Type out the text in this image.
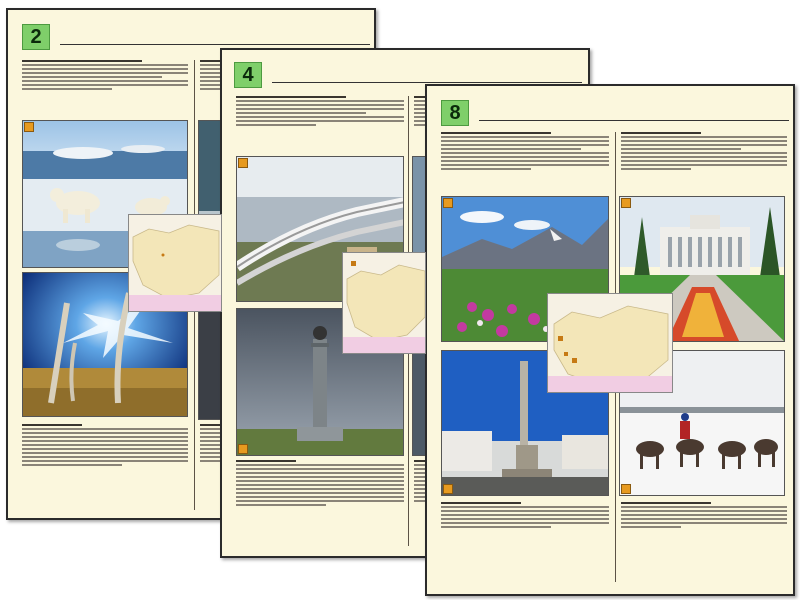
2
4
8
